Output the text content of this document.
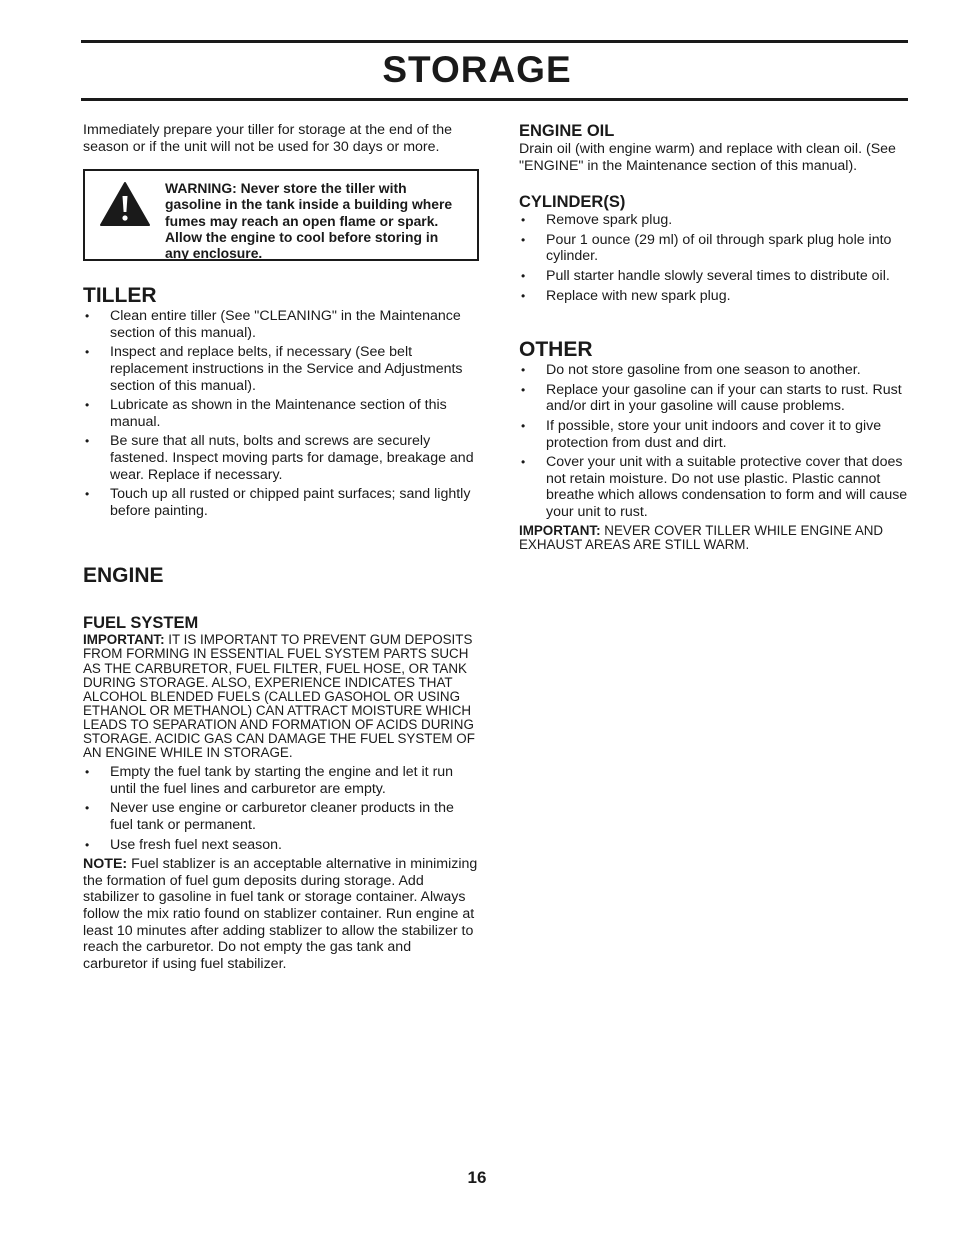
STORAGE

Immediately prepare your tiller for storage at the end of the season or if the unit will not be used for 30 days or more.

WARNING: Never store the tiller with gasoline in the tank inside a building where fumes may reach an open flame or spark. Allow the engine to cool before storing in any enclosure.

TILLER
• Clean entire tiller (See "CLEANING" in the Maintenance section of this manual).
• Inspect and replace belts, if necessary (See belt replacement instructions in the Service and Adjustments section of this manual).
• Lubricate as shown in the Maintenance section of this manual.
• Be sure that all nuts, bolts and screws are securely fastened. Inspect moving parts for damage, breakage and wear. Replace if necessary.
• Touch up all rusted or chipped paint surfaces; sand lightly before painting.
ENGINE
FUEL SYSTEM

IMPORTANT: IT IS IMPORTANT TO PREVENT GUM DEPOSITS FROM FORMING IN ESSENTIAL FUEL SYSTEM PARTS SUCH AS THE CARBURETOR, FUEL FILTER, FUEL HOSE, OR TANK DURING STORAGE. ALSO, EXPERIENCE INDICATES THAT ALCOHOL BLENDED FUELS (CALLED GASOHOL OR USING ETHANOL OR METHANOL) CAN ATTRACT MOISTURE WHICH LEADS TO SEPARATION AND FORMATION OF ACIDS DURING STORAGE. ACIDIC GAS CAN DAMAGE THE FUEL SYSTEM OF AN ENGINE WHILE IN STORAGE.

• Empty the fuel tank by starting the engine and let it run until the fuel lines and carburetor are empty.
• Never use engine or carburetor cleaner products in the fuel tank or permanent.
• Use fresh fuel next season.

NOTE: Fuel stablizer is an acceptable alternative in minimizing the formation of fuel gum deposits during storage. Add stabilizer to gasoline in fuel tank or storage container. Always follow the mix ratio found on stablizer container. Run engine at least 10 minutes after adding stablizer to allow the stabilizer to reach the carburetor. Do not empty the gas tank and carburetor if using fuel stabilizer.

ENGINE OIL

Drain oil (with engine warm) and replace with clean oil. (See "ENGINE" in the Maintenance section of this manual).

CYLINDER(S)
• Remove spark plug.
• Pour 1 ounce (29 ml) of oil through spark plug hole into cylinder.
• Pull starter handle slowly several times to distribute oil.
• Replace with new spark plug.
OTHER
• Do not store gasoline from one season to another.
• Replace your gasoline can if your can starts to rust. Rust and/or dirt in your gasoline will cause problems.
• If possible, store your unit indoors and cover it to give protection from dust and dirt.
• Cover your unit with a suitable protective cover that does not retain moisture. Do not use plastic. Plastic cannot breathe which allows condensation to form and will cause your unit to rust.

IMPORTANT: NEVER COVER TILLER WHILE ENGINE AND EXHAUST AREAS ARE STILL WARM.

16
